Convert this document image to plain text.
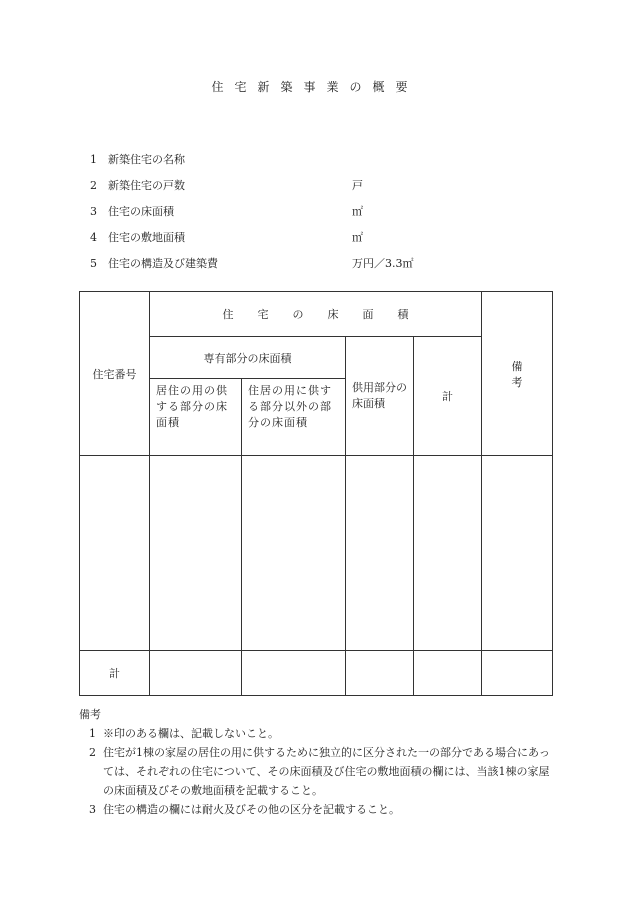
住宅新築事業の概要
1	新築住宅の名称
2	新築住宅の戸数	戸
3	住宅の床面積	㎡
4	住宅の敷地面積	㎡
5	住宅の構造及び建築費	万円／3.3㎡
住宅番号	住宅の床面積				備考
	専有部分の床面積		供用部分の床面積	計	
	居住の用の供する部分の床面積	住居の用に供する部分以外の部分の床面積			

計					
備考
1 ※印のある欄は、記載しないこと。
2 住宅が1棟の家屋の居住の用に供するために独立的に区分された一の部分である場合にあっては、それぞれの住宅について、その床面積及び住宅の敷地面積の欄には、当該1棟の家屋の床面積及びその敷地面積を記載すること。
3 住宅の構造の欄には耐火及びその他の区分を記載すること。
